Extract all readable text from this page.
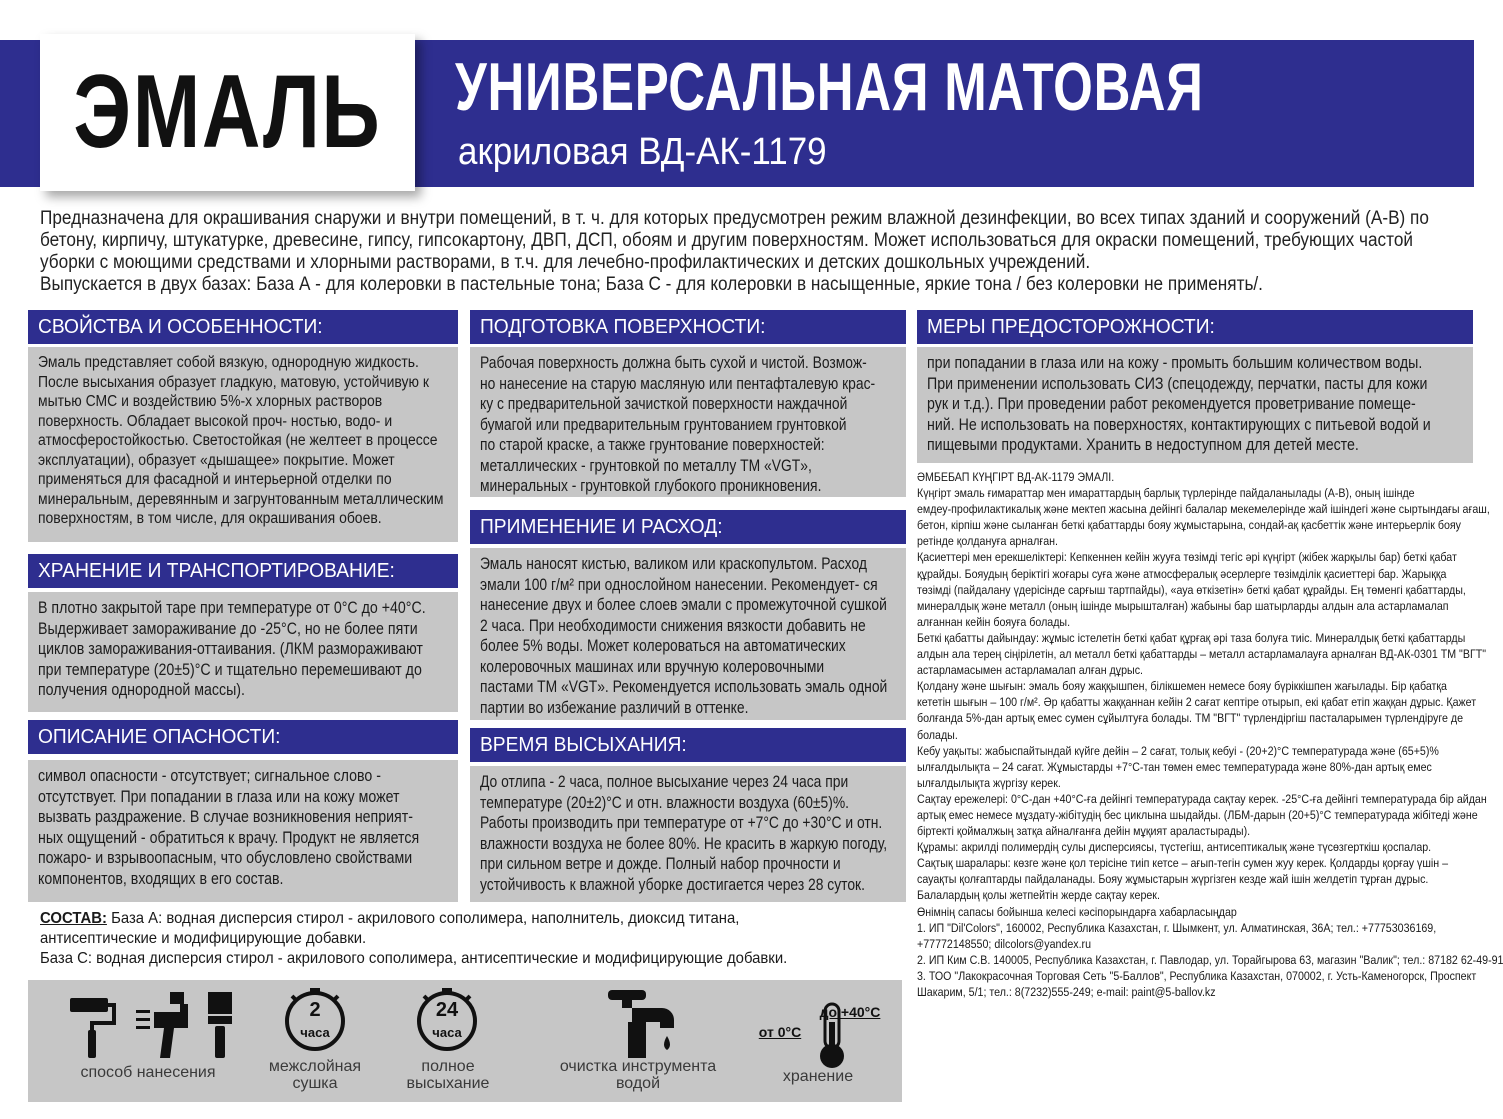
ЭМАЛЬ УНИВЕРСАЛЬНАЯ МАТОВАЯ
акриловая ВД-АК-1179

Предназначена для окрашивания снаружи и внутри помещений, в т. ч. для которых предусмотрен режим влажной дезинфекции, во всех типах зданий и сооружений (А-В) по

бетону, кирпичу, штукатурке, древесине, гипсу, гипсокартону, ДВП, ДСП, обоям и другим поверхностям. Может использоваться для окраски помещений, требующих частой

уборки с моющими средствами и хлорными растворами, в т.ч. для лечебно-профилактических и детских дошкольных учреждений.

Выпускается в двух базах: База А - для колеровки в пастельные тона; База С - для колеровки в насыщенные, яркие тона / без колеровки не применять/.

СВОЙСТВА И ОСОБЕННОСТИ:

Эмаль представляет собой вязкую, однородную жидкость.

После высыхания образует гладкую, матовую, устойчивую к

мытью СМС и воздействию 5%-х хлорных растворов

поверхность. Обладает высокой проч- ностью, водо- и

атмосферостойкостью. Светостойкая (не желтеет в процессе

эксплуатации), образует «дышащее» покрытие. Может

применяться для фасадной и интерьерной отделки по

минеральным, деревянным и загрунтованным металлическим

поверхностям, в том числе, для окрашивания обоев.

ХРАНЕНИЕ И ТРАНСПОРТИРОВАНИЕ:

В плотно закрытой таре при температуре от 0°С до +40°С.

Выдерживает замораживание до -25°С, но не более пяти

циклов замораживания-оттаивания. (ЛКМ размораживают

при температуре (20±5)°С и тщательно перемешивают до

получения однородной массы).

ОПИСАНИЕ ОПАСНОСТИ:

символ опасности - отсутствует; сигнальное слово -

отсутствует. При попадании в глаза или на кожу может

вызвать раздражение. В случае возникновения неприят-

ных ощущений - обратиться к врачу. Продукт не является

пожаро- и взрывоопасным, что обусловлено свойствами

компонентов, входящих в его состав.

ПОДГОТОВКА ПОВЕРХНОСТИ:

Рабочая поверхность должна быть сухой и чистой. Возмож-

но нанесение на старую масляную или пентафталевую крас-

ку с предварительной зачисткой поверхности наждачной

бумагой или предварительным грунтованием грунтовкой

по старой краске, а также грунтование поверхностей:

металлических - грунтовкой по металлу ТМ «VGT»,

минеральных - грунтовкой глубокого проникновения.

ПРИМЕНЕНИЕ И РАСХОД:

Эмаль наносят кистью, валиком или краскопультом. Расход

эмали 100 г/м² при однослойном нанесении. Рекомендует- ся

нанесение двух и более слоев эмали с промежуточной сушкой

2 часа. При необходимости снижения вязкости добавить не

более 5% воды. Может колероваться на автоматических

колеровочных машинах или вручную колеровочными

пастами ТМ «VGT». Рекомендуется использовать эмаль одной

партии во избежание различий в оттенке.

ВРЕМЯ ВЫСЫХАНИЯ:

До отлипа - 2 часа, полное высыхание через 24 часа при

температуре (20±2)°С и отн. влажности воздуха (60±5)%.

Работы производить при температуре от +7°С до +30°С и отн.

влажности воздуха не более 80%. Не красить в жаркую погоду,

при сильном ветре и дожде. Полный набор прочности и

устойчивость к влажной уборке достигается через 28 суток.

МЕРЫ ПРЕДОСТОРОЖНОСТИ:

при попадании в глаза или на кожу - промыть большим количеством воды.

При применении использовать СИЗ (спецодежду, перчатки, пасты для кожи

рук и т.д.). При проведении работ рекомендуется проветривание помеще-

ний. Не использовать на поверхностях, контактирующих с питьевой водой и

пищевыми продуктами. Хранить в недоступном для детей месте.

ӘМБЕБАП КҮҢГІРТ ВД-АК-1179 ЭМАЛІ.

Күңгірт эмаль ғимараттар мен имараттардың барлық түрлерінде пайдаланылады (А-В), оның ішінде

емдеу-профилактикалық және мектеп жасына дейінгі балалар мекемелерінде жай ішіндегі және сыртындағы ағаш,

бетон, кірпіш және сыланған беткі қабаттарды бояу жұмыстарына, сондай-ақ қасбеттік және интерьерлік бояу

ретінде қолдануға арналған.

Қасиеттері мен ерекшеліктері: Кепкеннен кейін жууға төзімді тегіс әрі күңгірт (жібек жарқылы бар) беткі қабат

құрайды. Бояудың беріктігі жоғары суға және атмосфералық әсерлерге төзімділік қасиеттері бар. Жарыққа

төзімді (пайдалану үдерісінде сарғыш тартпайды), «ауа өткізетін» беткі қабат құрайды. Ең төменгі қабаттарды,

минералдық және металл (оның ішінде мырышталған) жабыны бар шатырларды алдын ала астарламалап

алғаннан кейін бояуға болады.

Беткі қабатты дайындау: жұмыс істелетін беткі қабат құрғақ әрі таза болуға тиіс. Минералдық беткі қабаттарды

алдын ала терең сіңірілетін, ал металл беткі қабаттарды – металл астарламалауға арналған ВД-АК-0301 ТМ "ВГТ"

астарламасымен астарламалап алған дұрыс.

Қолдану және шығын: эмаль бояу жаққышпен, білікшемен немесе бояу бүріккішпен жағылады. Бір қабатқа

кететін шығын – 100 г/м². Әр қабатты жаққаннан кейін 2 сағат кептіре отырып, екі қабат етіп жаққан дұрыс. Қажет

болғанда 5%-дан артық емес сумен сұйылтуға болады. ТМ "ВГТ" түрлендіргіш пасталарымен түрлендіруге де

болады.

Кебу уақыты: жабыспайтындай күйге дейін – 2 сағат, толық кебуі - (20+2)°С температурада және (65+5)%

ылғалдылықта – 24 сағат. Жұмыстарды +7°С-тан төмен емес температурада және 80%-дан артық емес

ылғалдылықта жүргізу керек.

Сақтау ережелері: 0°С-дан +40°С-ға дейінгі температурада сақтау керек. -25°С-ға дейінгі температурада бір айдан

артық емес немесе мұздату-жібітудің бес циклына шыдайды. (ЛБМ-дарын (20+5)°С температурада жібітеді және

біртекті қоймалжың затқа айналғанға дейін мұқият араластырады).

Құрамы: акрилді полимердің сулы дисперсиясы, түстегіш, антисептикалық және түсөзгерткіш қоспалар.

Сақтық шаралары: көзге және қол терісіне тиіп кетсе – ағып-тегін сумен жуу керек. Қолдарды қорғау үшін –

сауақты қолғаптарды пайдаланады. Бояу жұмыстарын жүргізген кезде жай ішін желдетіп тұрған дұрыс.

Балалардың қолы жетпейтін жерде сақтау керек.

Өнімнің сапасы бойынша келесі кәсіпорындарға хабарласыңдар

1. ИП "Dil'Colors", 160002, Республика Казахстан, г. Шымкент, ул. Алматинская, 36А; тел.: +77753036169,

+77772148550; dilcolors@yandex.ru

2. ИП Ким С.В. 140005, Республика Казахстан, г. Павлодар, ул. Торайгырова 63, магазин "Валик"; тел.: 87182 62-49-91

3. ТОО "Лакокрасочная Торговая Сеть "5-Баллов", Республика Казахстан, 070002, г. Усть-Каменогорск, Проспект

Шакарим, 5/1; тел.: 8(7232)555-249; e-mail: paint@5-ballov.kz

СОСТАВ: База А: водная дисперсия стирол - акрилового сополимера, наполнитель, диоксид титана,

антисептические и модифицирующие добавки.

База С: водная дисперсия стирол - акрилового сополимера, антисептические и модифицирующие добавки.

способ нанесения
2
часа
межслойная
сушка
24
часа
полное
высыхание
очистка инструмента
водой
от 0°С
до +40°С
хранение
